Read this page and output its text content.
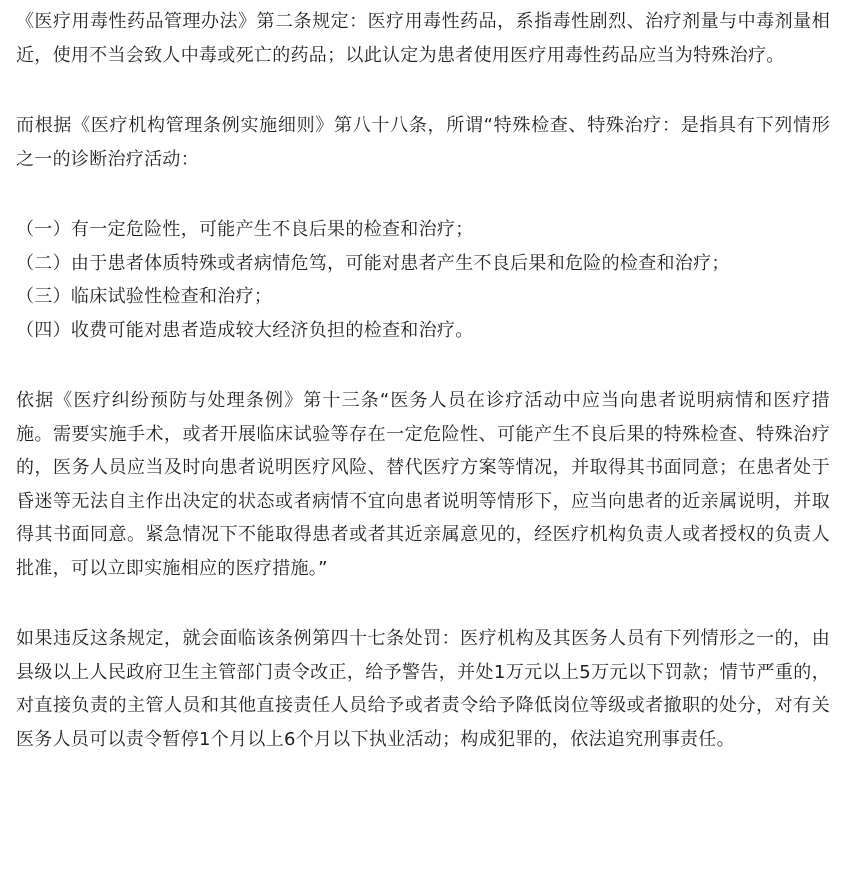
《医疗用毒性药品管理办法》第二条规定：医疗用毒性药品，系指毒性剧烈、治疗剂量与中毒剂量相近，使用不当会致人中毒或死亡的药品；以此认定为患者使用医疗用毒性药品应当为特殊治疗。

而根据《医疗机构管理条例实施细则》第八十八条，所谓“特殊检查、特殊治疗：是指具有下列情形之一的诊断治疗活动：

（一）有一定危险性，可能产生不良后果的检查和治疗；
（二）由于患者体质特殊或者病情危笃，可能对患者产生不良后果和危险的检查和治疗；
（三）临床试验性检查和治疗；
（四）收费可能对患者造成较大经济负担的检查和治疗。

依据《医疗纠纷预防与处理条例》第十三条“医务人员在诊疗活动中应当向患者说明病情和医疗措施。需要实施手术，或者开展临床试验等存在一定危险性、可能产生不良后果的特殊检查、特殊治疗的，医务人员应当及时向患者说明医疗风险、替代医疗方案等情况，并取得其书面同意；在患者处于昏迷等无法自主作出决定的状态或者病情不宜向患者说明等情形下，应当向患者的近亲属说明，并取得其书面同意。紧急情况下不能取得患者或者其近亲属意见的，经医疗机构负责人或者授权的负责人批准，可以立即实施相应的医疗措施。”

如果违反这条规定，就会面临该条例第四十七条处罚：医疗机构及其医务人员有下列情形之一的，由县级以上人民政府卫生主管部门责令改正，给予警告，并处1万元以上5万元以下罚款；情节严重的，对直接负责的主管人员和其他直接责任人员给予或者责令给予降低岗位等级或者撤职的处分，对有关医务人员可以责令暂停1个月以上6个月以下执业活动；构成犯罪的，依法追究刑事责任。
